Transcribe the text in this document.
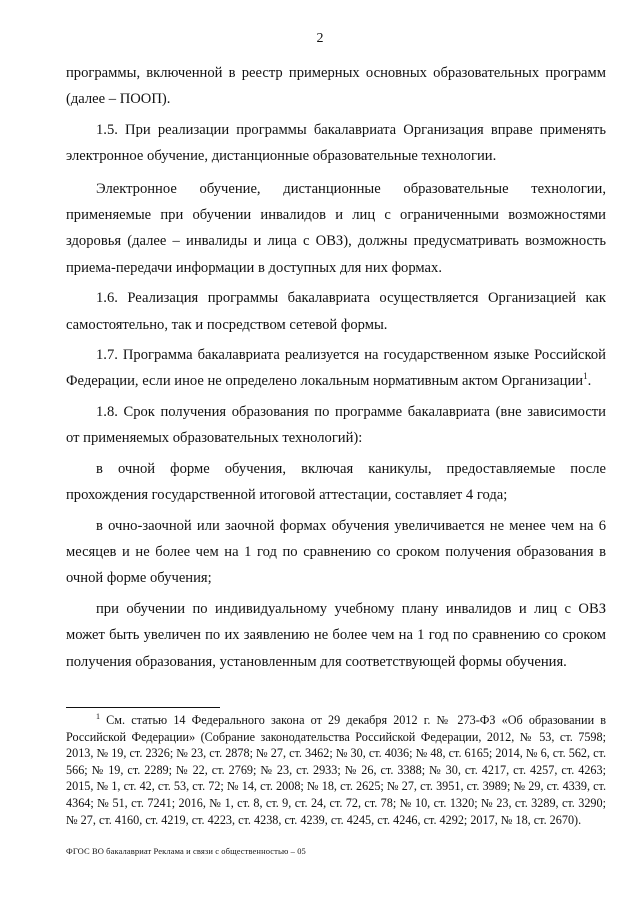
2

программы, включенной в реестр примерных основных образовательных программ (далее – ПООП).

1.5. При реализации программы бакалавриата Организация вправе применять электронное обучение, дистанционные образовательные технологии.

Электронное обучение, дистанционные образовательные технологии, применяемые при обучении инвалидов и лиц с ограниченными возможностями здоровья (далее – инвалиды и лица с ОВЗ), должны предусматривать возможность приема-передачи информации в доступных для них формах.

1.6. Реализация программы бакалавриата осуществляется Организацией как самостоятельно, так и посредством сетевой формы.

1.7. Программа бакалавриата реализуется на государственном языке Российской Федерации, если иное не определено локальным нормативным актом Организации$^1$.

1.8. Срок получения образования по программе бакалавриата (вне зависимости от применяемых образовательных технологий):

в очной форме обучения, включая каникулы, предоставляемые после прохождения государственной итоговой аттестации, составляет 4 года;

в очно-заочной или заочной формах обучения увеличивается не менее чем на 6 месяцев и не более чем на 1 год по сравнению со сроком получения образования в очной форме обучения;

при обучении по индивидуальному учебному плану инвалидов и лиц с ОВЗ может быть увеличен по их заявлению не более чем на 1 год по сравнению со сроком получения образования, установленным для соответствующей формы обучения.

$^1$ См. статью 14 Федерального закона от 29 декабря 2012 г. № 273-ФЗ «Об образовании в Российской Федерации» (Собрание законодательства Российской Федерации, 2012, № 53, ст. 7598; 2013, № 19, ст. 2326; № 23, ст. 2878; № 27, ст. 3462; № 30, ст. 4036; № 48, ст. 6165; 2014, № 6, ст. 562, ст. 566; № 19, ст. 2289; № 22, ст. 2769; № 23, ст. 2933; № 26, ст. 3388; № 30, ст. 4217, ст. 4257, ст. 4263; 2015, № 1, ст. 42, ст. 53, ст. 72; № 14, ст. 2008; № 18, ст. 2625; № 27, ст. 3951, ст. 3989; № 29, ст. 4339, ст. 4364; № 51, ст. 7241; 2016, № 1, ст. 8, ст. 9, ст. 24, ст. 72, ст. 78; № 10, ст. 1320; № 23, ст. 3289, ст. 3290; № 27, ст. 4160, ст. 4219, ст. 4223, ст. 4238, ст. 4239, ст. 4245, ст. 4246, ст. 4292; 2017, № 18, ст. 2670).
ФГОС ВО бакалавриат Реклама и связи с общественностью – 05
